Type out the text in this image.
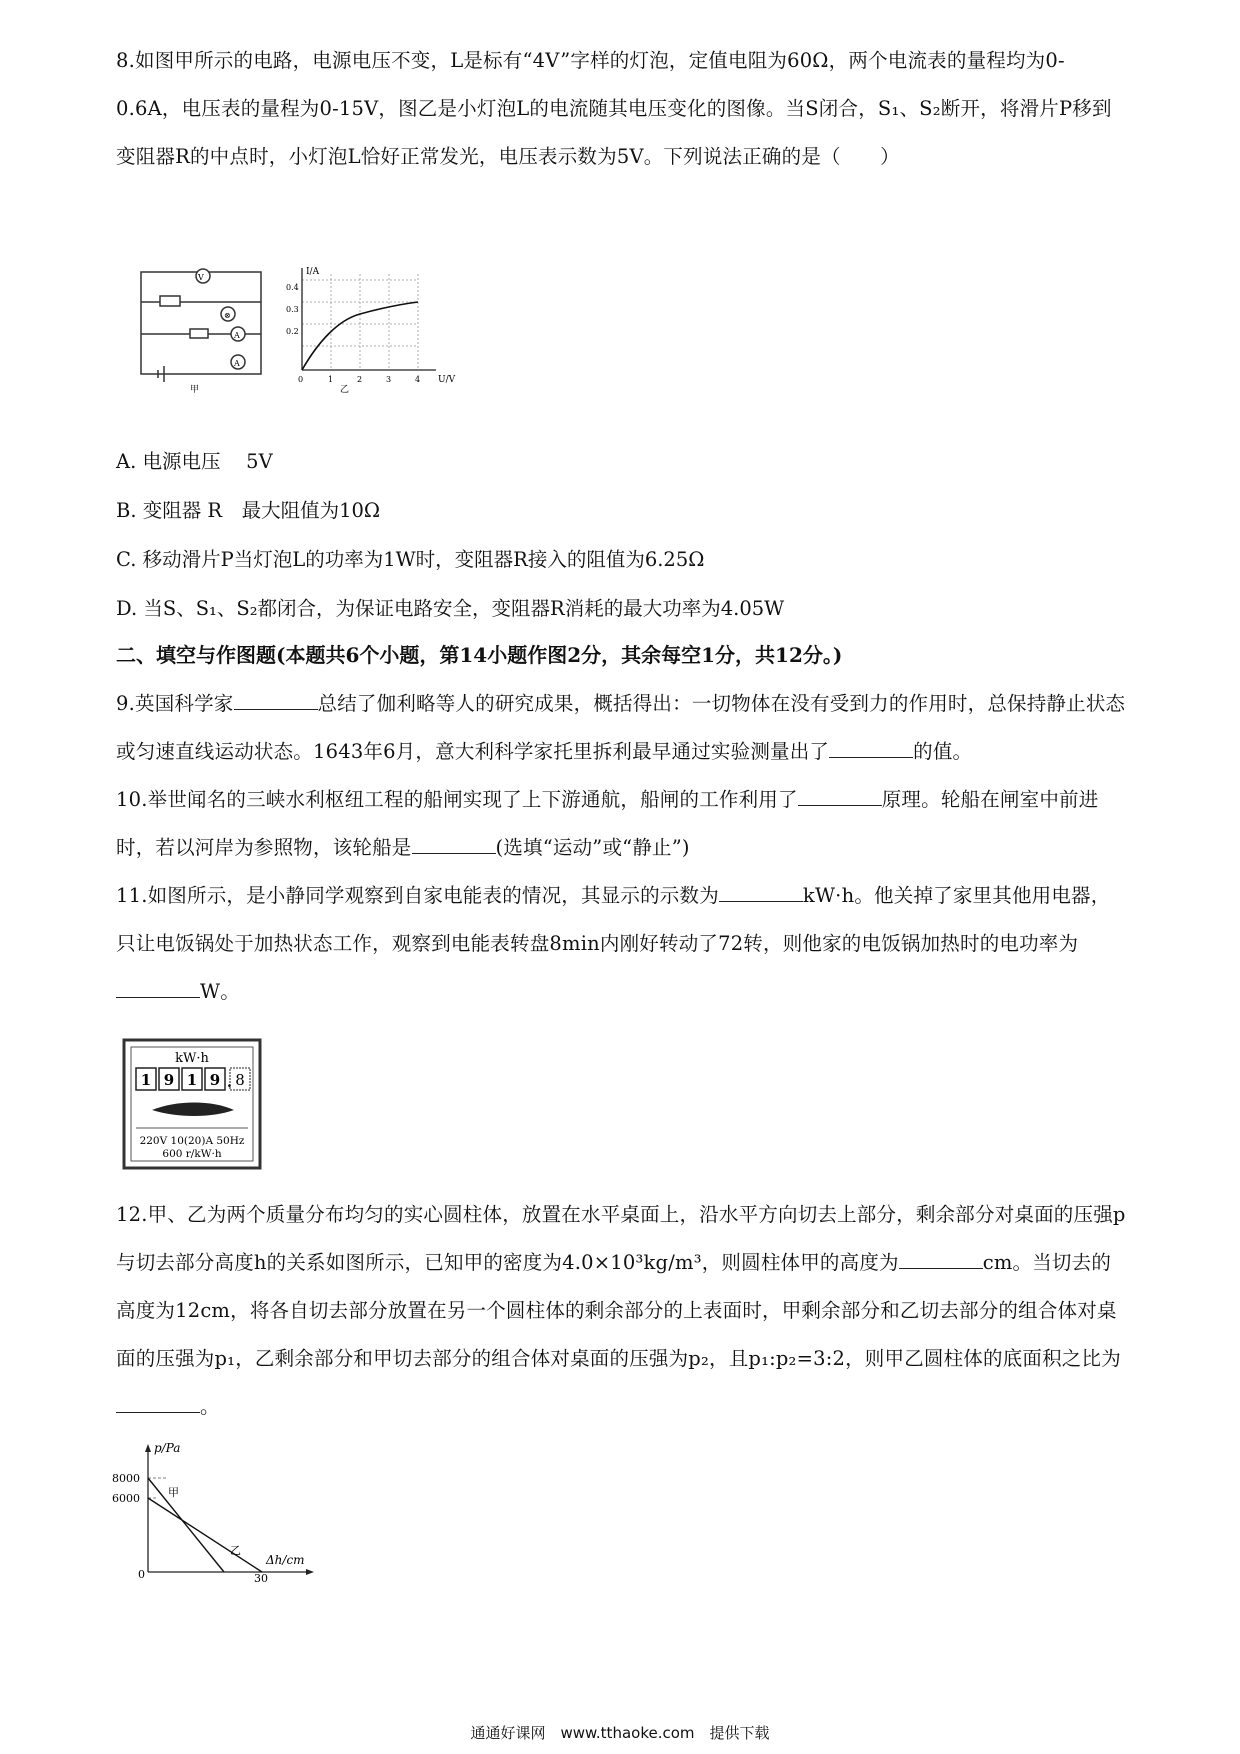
8.如图甲所示的电路，电源电压不变，L是标有“4V”字样的灯泡，定值电阻为60Ω，两个电流表的量程均为0-0.6A，电压表的量程为0-15V，图乙是小灯泡L的电流随其电压变化的图像。当S闭合，S₁、S₂断开，将滑片P移到变阻器R的中点时，小灯泡L恰好正常发光，电压表示数为5V。下列说法正确的是（　　）
V
⊗
A
A
甲
I/A
0.4
0.3
0.2
0	1	2	3	4 U/V
乙
A. 电源电压　 5V
B. 变阻器 R　最大阻值为10Ω
C. 移动滑片P当灯泡L的功率为1W时，变阻器R接入的阻值为6.25Ω
D. 当S、S₁、S₂都闭合，为保证电路安全，变阻器R消耗的最大功率为4.05W
二、填空与作图题(本题共6个小题，第14小题作图2分，其余每空1分，共12分。)
9.英国科学家	总结了伽利略等人的研究成果，概括得出：一切物体在没有受到力的作用时，总保持静止状态或匀速直线运动状态。1643年6月，意大利科学家托里拆利最早通过实验测量出了	的值。
10.举世闻名的三峡水利枢纽工程的船闸实现了上下游通航，船闸的工作利用了	原理。轮船在闸室中前进时，若以河岸为参照物，该轮船是	(选填“运动”或“静止”)
11.如图所示，是小静同学观察到自家电能表的情况，其显示的示数为	kW·h。他关掉了家里其他用电器，只让电饭锅处于加热状态工作，观察到电能表转盘8min内刚好转动了72转，则他家的电饭锅加热时的电功率为W。
kW·h
1 9 1 9 . 8
220V 10(20)A 50Hz
600 r/kW·h
12.甲、乙为两个质量分布均匀的实心圆柱体，放置在水平桌面上，沿水平方向切去上部分，剩余部分对桌面的压强p与切去部分高度h的关系如图所示，已知甲的密度为4.0×10³kg/m³，则圆柱体甲的高度为	cm。当切去的高度为12cm，将各自切去部分放置在另一个圆柱体的剩余部分的上表面时，甲剩余部分和乙切去部分的组合体对桌面的压强为p₁，乙剩余部分和甲切去部分的组合体对桌面的压强为p₂，且p₁:p₂=3:2，则甲乙圆柱体的底面积之比为。
p/Pa
8000
6000	甲
乙
Δh/cm
0	30
通通好课网　www.tthaoke.com　提供下载
